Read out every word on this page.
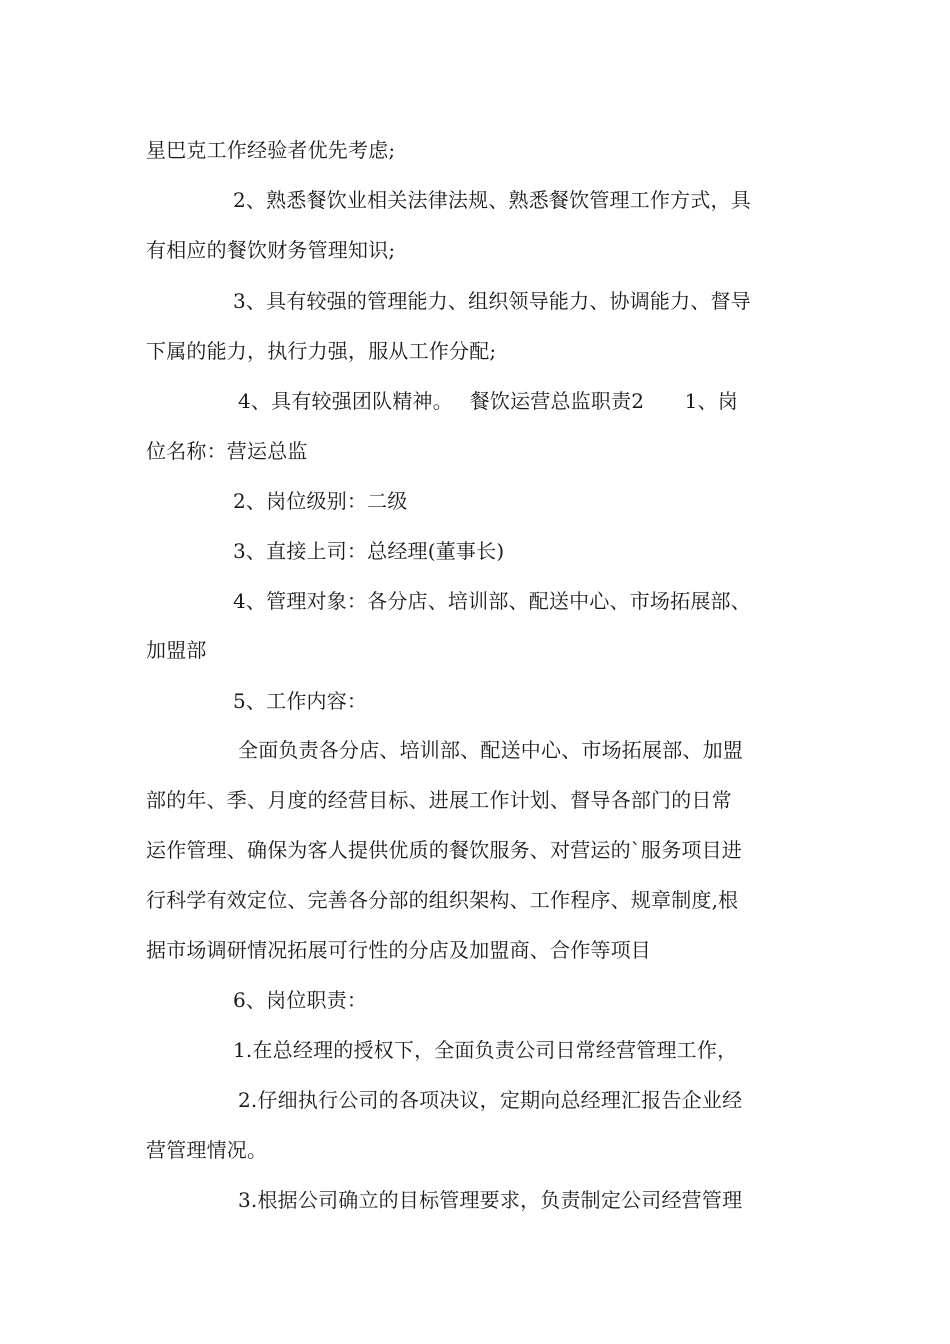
星巴克工作经验者优先考虑;
2、熟悉餐饮业相关法律法规、熟悉餐饮管理工作方式，具
有相应的餐饮财务管理知识;
3、具有较强的管理能力、组织领导能力、协调能力、督导
下属的能力，执行力强，服从工作分配;
4、具有较强团队精神。　 餐饮运营总监职责2　　1、岗
位名称：营运总监
2、岗位级别：二级
3、直接上司：总经理(董事长)
4、管理对象：各分店、培训部、配送中心、市场拓展部、
加盟部
5、工作内容：
全面负责各分店、培训部、配送中心、市场拓展部、加盟
部的年、季、月度的经营目标、进展工作计划、督导各部门的日常
运作管理、确保为客人提供优质的餐饮服务、对营运的`服务项目进
行科学有效定位、完善各分部的组织架构、工作程序、规章制度,根
据市场调研情况拓展可行性的分店及加盟商、合作等项目
6、岗位职责：
1.在总经理的授权下，全面负责公司日常经营管理工作，
2.仔细执行公司的各项决议，定期向总经理汇报告企业经
营管理情况。
3.根据公司确立的目标管理要求，负责制定公司经营管理
